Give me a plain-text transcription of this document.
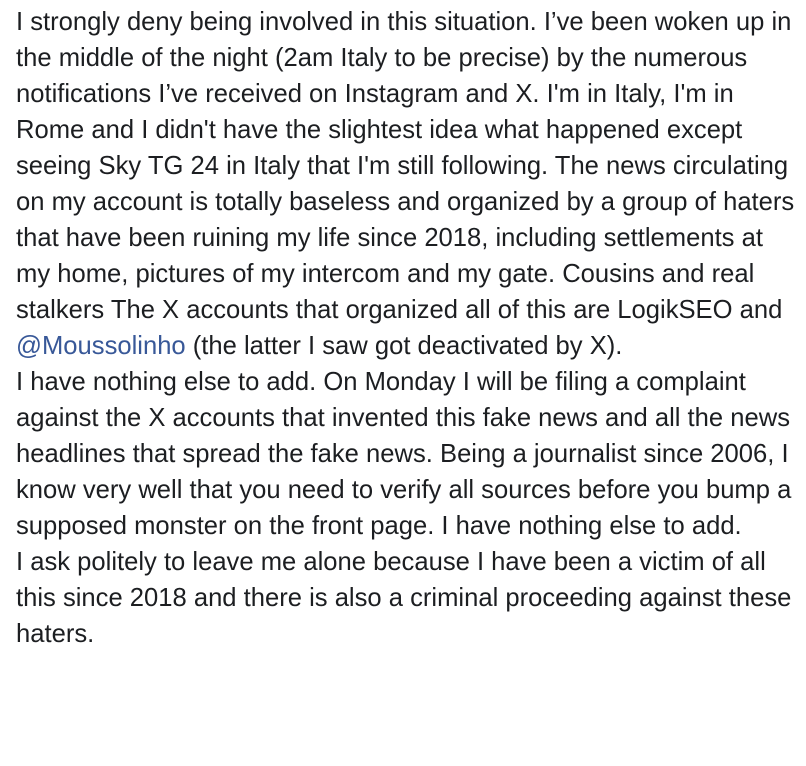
I strongly deny being involved in this situation. I’ve been woken up in the middle of the night (2am Italy to be precise) by the numerous notifications I’ve received on Instagram and X. I'm in Italy, I'm in Rome and I didn't have the slightest idea what happened except seeing Sky TG 24 in Italy that I'm still following. The news circulating on my account is totally baseless and organized by a group of haters that have been ruining my life since 2018, including settlements at my home, pictures of my intercom and my gate. Cousins and real stalkers The X accounts that organized all of this are LogikSEO and @Moussolinho (the latter I saw got deactivated by X).

I have nothing else to add. On Monday I will be filing a complaint against the X accounts that invented this fake news and all the news headlines that spread the fake news. Being a journalist since 2006, I know very well that you need to verify all sources before you bump a supposed monster on the front page. I have nothing else to add.

I ask politely to leave me alone because I have been a victim of all this since 2018 and there is also a criminal proceeding against these haters.
